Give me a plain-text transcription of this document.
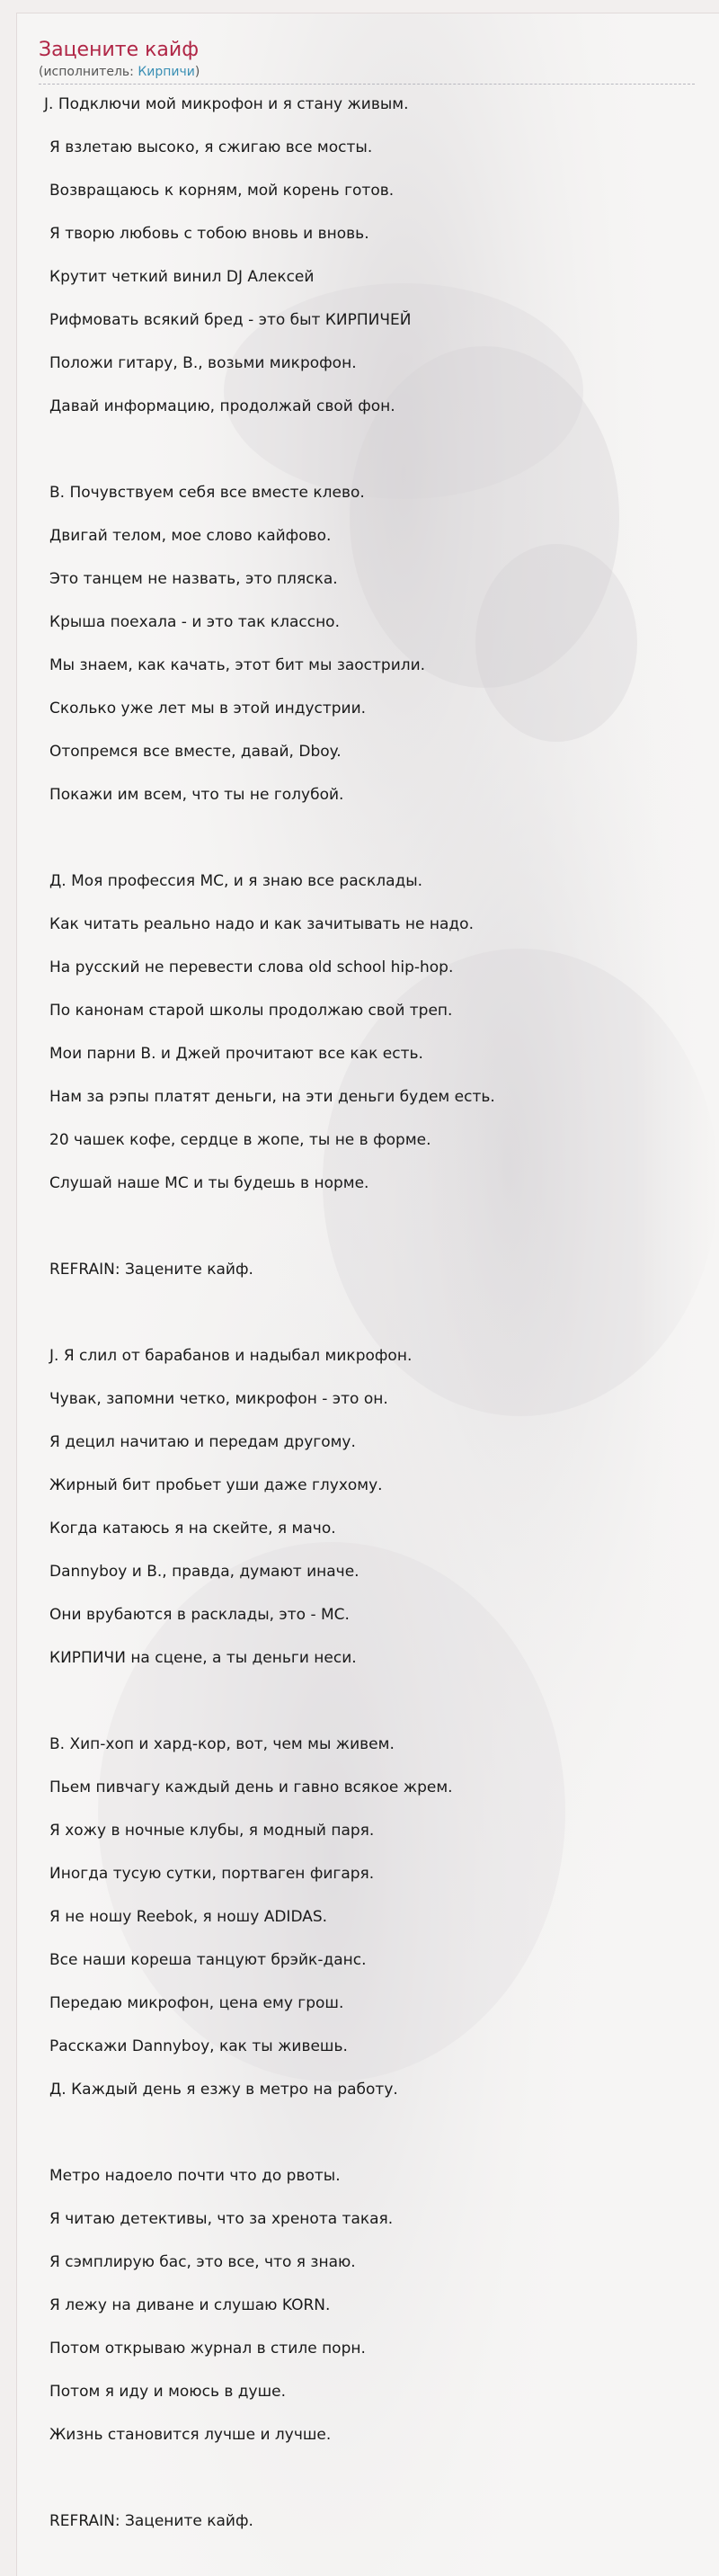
Зацените кайф
(исполнитель: Кирпичи)
J. Подключи мой микрофон и я стану живым.
Я взлетаю высоко, я сжигаю все мосты.
Возвращаюсь к корням, мой корень готов.
Я творю любовь с тобою вновь и вновь.
Крутит четкий винил DJ Алексей
Рифмовать всякий бред - это быт КИРПИЧЕЙ
Положи гитару, В., возьми микрофон.
Давай информацию, продолжай свой фон.
В. Почувствуем себя все вместе клево.
Двигай телом, мое слово кайфово.
Это танцем не назвать, это пляска.
Крыша поехала - и это так классно.
Мы знаем, как качать, этот бит мы заострили.
Сколько уже лет мы в этой индустрии.
Отопремся все вместе, давай, Dboy.
Покажи им всем, что ты не голубой.
Д. Моя профессия МС, и я знаю все расклады.
Как читать реально надо и как зачитывать не надо.
На русский не перевести слова old school hip-hop.
По канонам старой школы продолжаю свой треп.
Мои парни В. и Джей прочитают все как есть.
Нам за рэпы платят деньги, на эти деньги будем есть.
20 чашек кофе, сердце в жопе, ты не в форме.
Слушай наше МС и ты будешь в норме.
REFRAIN: Зацените кайф.
J. Я слил от барабанов и надыбал микрофон.
Чувак, запомни четко, микрофон - это он.
Я децил начитаю и передам другому.
Жирный бит пробьет уши даже глухому.
Когда катаюсь я на скейте, я мачо.
Dannyboy и В., правда, думают иначе.
Они врубаются в расклады, это - МС.
КИРПИЧИ на сцене, а ты деньги неси.
В. Хип-хоп и хард-кор, вот, чем мы живем.
Пьем пивчагу каждый день и гавно всякое жрем.
Я хожу в ночные клубы, я модный паря.
Иногда тусую сутки, портваген фигаря.
Я не ношу Reebok, я ношу ADIDAS.
Все наши кореша танцуют брэйк-данс.
Передаю микрофон, цена ему грош.
Расскажи Dannyboy, как ты живешь.
Д. Каждый день я езжу в метро на работу.
Метро надоело почти что до рвоты.
Я читаю детективы, что за хренота такая.
Я сэмплирую бас, это все, что я знаю.
Я лежу на диване и слушаю KORN.
Потом открываю журнал в стиле порн.
Потом я иду и моюсь в душе.
Жизнь становится лучше и лучше.
REFRAIN: Зацените кайф.
